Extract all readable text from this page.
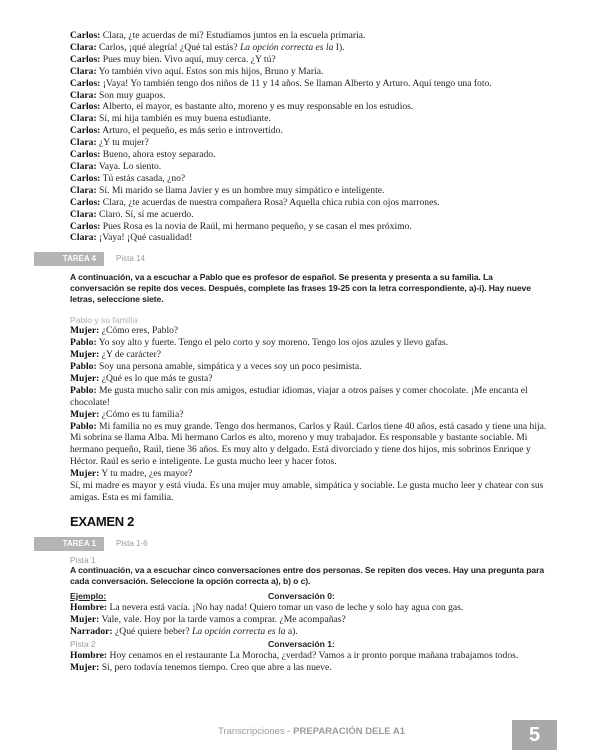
Carlos: Clara, ¿te acuerdas de mí? Estudiamos juntos en la escuela primaria.

Clara: Carlos, ¡qué alegría! ¿Qué tal estás? La opción correcta es la I).

Carlos: Pues muy bien. Vivo aquí, muy cerca. ¿Y tú?

Clara: Yo también vivo aquí. Estos son mis hijos, Bruno y María.

Carlos: ¡Vaya! Yo también tengo dos niños de 11 y 14 años. Se llaman Alberto y Arturo. Aquí tengo una foto.

Clara: Son muy guapos.

Carlos: Alberto, el mayor, es bastante alto, moreno y es muy responsable en los estudios.

Clara: Sí, mi hija también es muy buena estudiante.

Carlos: Arturo, el pequeño, es más serio e introvertido.

Clara: ¿Y tu mujer?

Carlos: Bueno, ahora estoy separado.

Clara: Vaya. Lo siento.

Carlos: Tú estás casada, ¿no?

Clara: Sí. Mi marido se llama Javier y es un hombre muy simpático e inteligente.

Carlos: Clara, ¿te acuerdas de nuestra compañera Rosa? Aquella chica rubia con ojos marrones.

Clara: Claro. Sí, sí me acuerdo.

Carlos: Pues Rosa es la novia de Raúl, mi hermano pequeño, y se casan el mes próximo.

Clara: ¡Vaya! ¡Qué casualidad!

TAREA 4	Pista 14

A continuación, va a escuchar a Pablo que es profesor de español. Se presenta y presenta a su familia. La conversación se repite dos veces. Después, complete las frases 19-25 con la letra correspondiente, a)-i). Hay nueve letras, seleccione siete.

Pablo y su familia

Mujer: ¿Cómo eres, Pablo?

Pablo: Yo soy alto y fuerte. Tengo el pelo corto y soy moreno. Tengo los ojos azules y llevo gafas.

Mujer: ¿Y de carácter?

Pablo: Soy una persona amable, simpática y a veces soy un poco pesimista.

Mujer: ¿Qué es lo que más te gusta?

Pablo: Me gusta mucho salir con mis amigos, estudiar idiomas, viajar a otros países y comer chocolate. ¡Me encanta el chocolate!

Mujer: ¿Cómo es tu familia?

Pablo: Mi familia no es muy grande. Tengo dos hermanos, Carlos y Raúl. Carlos tiene 40 años, está casado y tiene una hija. Mi sobrina se llama Alba. Mi hermano Carlos es alto, moreno y muy trabajador. Es responsable y bastante sociable. Mi hermano pequeño, Raúl, tiene 36 años. Es muy alto y delgado. Está divorciado y tiene dos hijos, mis sobrinos Enrique y Héctor. Raúl es serio e inteligente. Le gusta mucho leer y hacer fotos.

Mujer: Y tu madre, ¿es mayor?

Sí, mi madre es mayor y está viuda. Es una mujer muy amable, simpática y sociable. Le gusta mucho leer y chatear con sus amigas. Esta es mi familia.

EXAMEN 2
TAREA 1	Pista 1-6
Pista 1

A continuación, va a escuchar cinco conversaciones entre dos personas. Se repiten dos veces. Hay una pregunta para cada conversación. Seleccione la opción correcta a), b) o c).

Ejemplo:	Conversación 0:

Hombre: La nevera está vacía. ¡No hay nada! Quiero tomar un vaso de leche y solo hay agua con gas.

Mujer: Vale, vale. Hoy por la tarde vamos a comprar. ¿Me acompañas?

Narrador: ¿Qué quiere beber? La opción correcta es la a).

Pista 2	Conversación 1:

Hombre: Hoy cenamos en el restaurante La Morocha, ¿verdad? Vamos a ir pronto porque mañana trabajamos todos.

Mujer: Sí, pero todavía tenemos tiempo. Creo que abre a las nueve.

Transcripciones - PREPARACIÓN DELE A1	5
